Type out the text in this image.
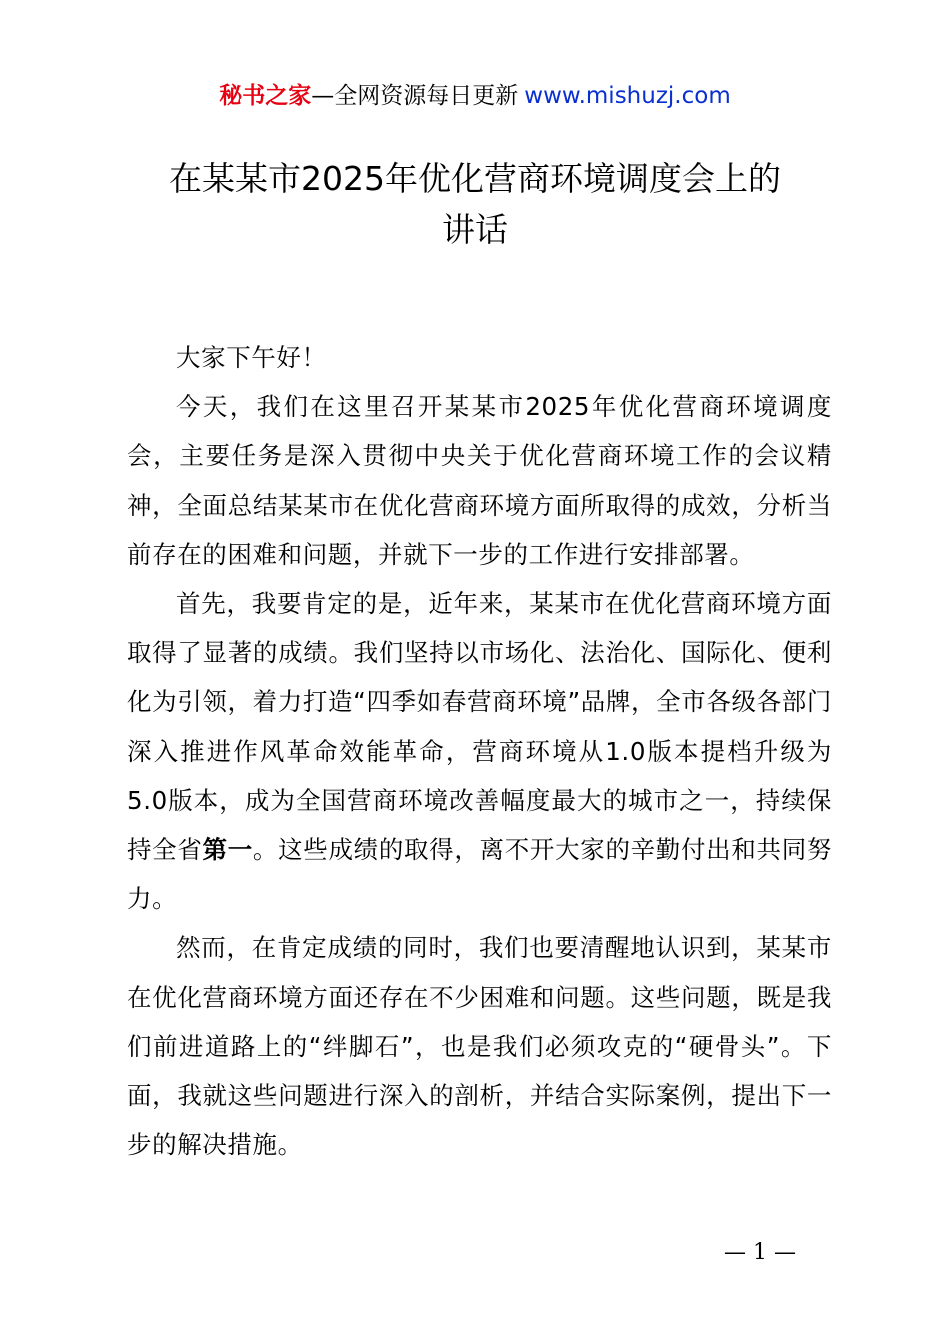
秘书之家—全网资源每日更新 www.mishuzj.com
在某某市2025年优化营商环境调度会上的
讲话

大家下午好！

今天，我们在这里召开某某市2025年优化营商环境调度会，主要任务是深入贯彻中央关于优化营商环境工作的会议精神，全面总结某某市在优化营商环境方面所取得的成效，分析当前存在的困难和问题，并就下一步的工作进行安排部署。

首先，我要肯定的是，近年来，某某市在优化营商环境方面取得了显著的成绩。我们坚持以市场化、法治化、国际化、便利化为引领，着力打造“四季如春营商环境”品牌，全市各级各部门深入推进作风革命效能革命，营商环境从1.0版本提档升级为5.0版本，成为全国营商环境改善幅度最大的城市之一，持续保持全省第一。这些成绩的取得，离不开大家的辛勤付出和共同努力。

然而，在肯定成绩的同时，我们也要清醒地认识到，某某市在优化营商环境方面还存在不少困难和问题。这些问题，既是我们前进道路上的“绊脚石”，也是我们必须攻克的“硬骨头”。下面，我就这些问题进行深入的剖析，并结合实际案例，提出下一步的解决措施。

— 1 —
